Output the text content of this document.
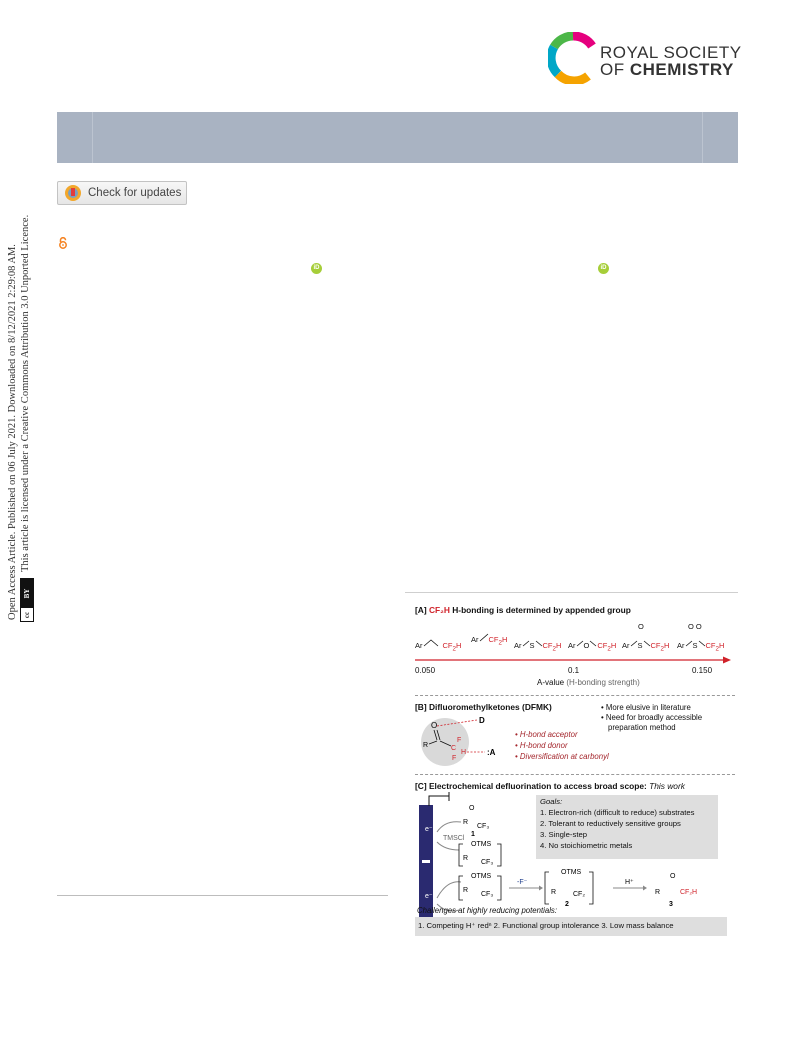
ROYAL SOCIETY
OF CHEMISTRY
Check for updates
Open Access Article. Published on 06 July 2021. Downloaded on 8/12/2021 2:29:08 AM. This article is licensed under a Creative Commons Attribution 3.0 Unported Licence.
cc
BY
iD	iD
[A] CF₂H H-bonding is determined by appended group
Ar	$CF_2H$
Ar $CF_2H$
Ar S $CF_2H$ Ar O $CF_2H$ Ar S $CF_2H$
O
Ar S $CF_2H$
O O
0.050	0.1	0.150
A-value (H-bonding strength)
[B] Difluoromethylketones (DFMK)	• More elusive in literature
• Need for broadly accessible
preparation method
O
D
R	C
F
F
H	:A
• H-bond acceptor
• H-bond donor
• Diversification at carbonyl
[C] Electrochemical defluorination to access broad scope: This work
Goals:
1. Electron-rich (difficult to reduce) substrates
2. Tolerant to reductively sensitive groups
3. Single-step
4. No stoichiometric metals
e⁻
e⁻
TMSCl
O
R
CF₃
1
OTMS
R
CF₃
OTMS
R
CF₃
-F⁻
OTMS
R CF₂
2
H⁺
O
R	CF₂H
3
Challenges at highly reducing potentials:
1. Competing H⁺ redⁿ 2. Functional group intolerance 3. Low mass balance
